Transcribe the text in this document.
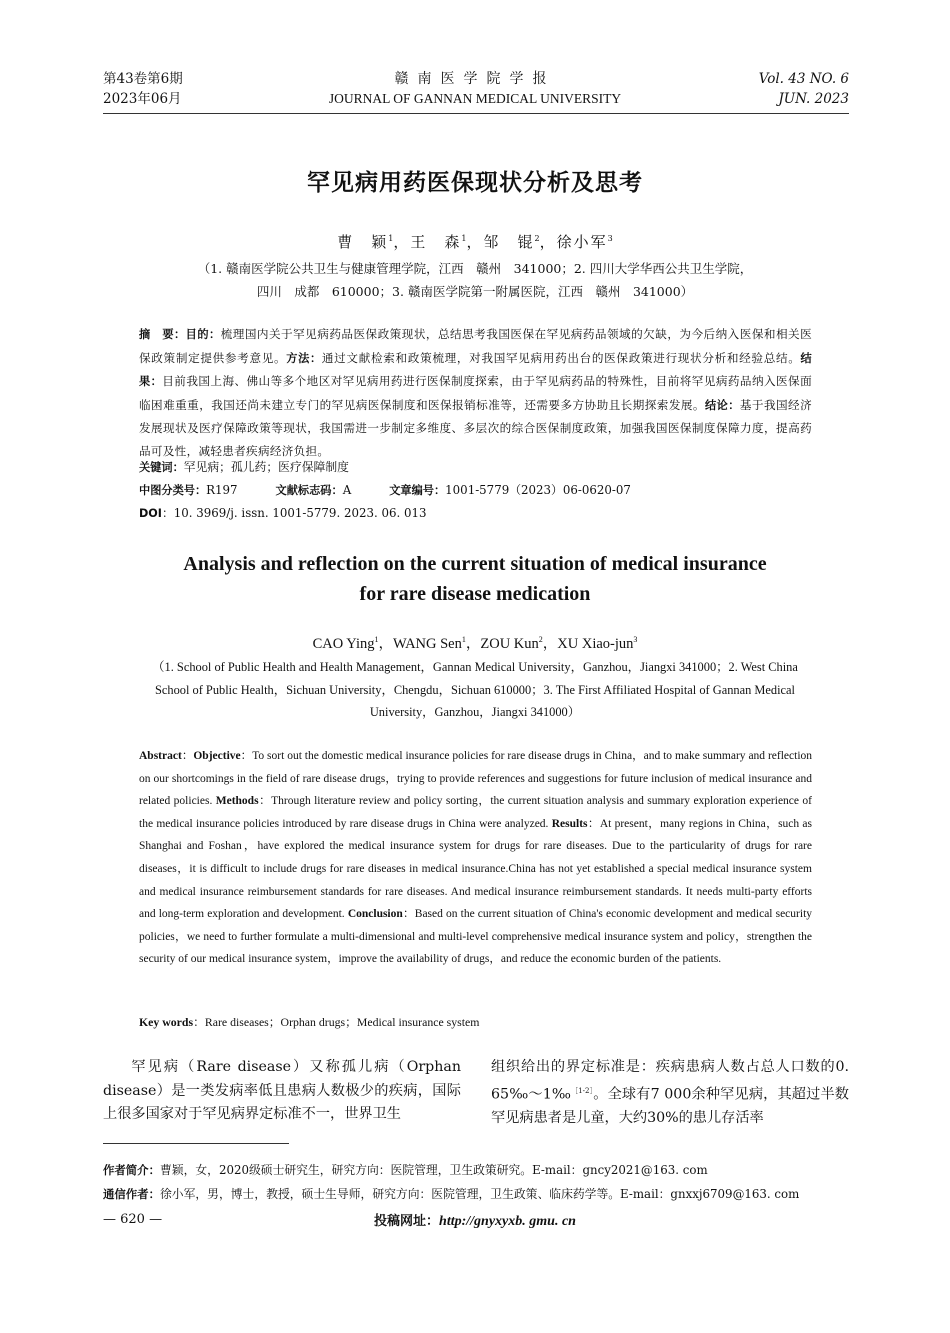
第43卷第6期
2023年06月
赣南医学院学报
JOURNAL OF GANNAN MEDICAL UNIVERSITY
Vol. 43 NO. 6
JUN. 2023
罕见病用药医保现状分析及思考
曹　颖$^1$，王　森$^1$，邹　锟$^2$，徐小军$^3$
（1. 赣南医学院公共卫生与健康管理学院，江西　赣州　341000；2. 四川大学华西公共卫生学院，
四川　成都　610000；3. 赣南医学院第一附属医院，江西　赣州　341000）
摘　要：目的：梳理国内关于罕见病药品医保政策现状，总结思考我国医保在罕见病药品领域的欠缺，为今后纳入医保和相关医保政策制定提供参考意见。方法：通过文献检索和政策梳理，对我国罕见病用药出台的医保政策进行现状分析和经验总结。结果：目前我国上海、佛山等多个地区对罕见病用药进行医保制度探索，由于罕见病药品的特殊性，目前将罕见病药品纳入医保面临困难重重，我国还尚未建立专门的罕见病医保制度和医保报销标准等，还需要多方协助且长期探索发展。结论：基于我国经济发展现状及医疗保障政策等现状，我国需进一步制定多维度、多层次的综合医保制度政策，加强我国医保制度保障力度，提高药品可及性，减轻患者疾病经济负担。
关键词：罕见病；孤儿药；医疗保障制度
中图分类号：R197	文献标志码：A	文章编号：1001-5779（2023）06-0620-07
DOI：10. 3969/j. issn. 1001-5779. 2023. 06. 013
Analysis and reflection on the current situation of medical insurance
for rare disease medication
CAO Ying$^1$，WANG Sen$^1$，ZOU Kun$^2$，XU Xiao-jun$^3$
（1. School of Public Health and Health Management，Gannan Medical University，Ganzhou，Jiangxi 341000；2. West China School of Public Health，Sichuan University，Chengdu，Sichuan 610000；3. The First Affiliated Hospital of Gannan Medical University，Ganzhou，Jiangxi 341000）
Abstract：Objective：To sort out the domestic medical insurance policies for rare disease drugs in China，and to make summary and reflection on our shortcomings in the field of rare disease drugs，trying to provide references and suggestions for future inclusion of medical insurance and related policies. Methods：Through literature review and policy sorting，the current situation analysis and summary exploration experience of the medical insurance policies introduced by rare disease drugs in China were analyzed. Results：At present，many regions in China，such as Shanghai and Foshan，have explored the medical insurance system for drugs for rare diseases. Due to the particularity of drugs for rare diseases，it is difficult to include drugs for rare diseases in medical insurance.China has not yet established a special medical insurance system and medical insurance reimbursement standards for rare diseases. And medical insurance reimbursement standards. It needs multi-party efforts and long-term exploration and development. Conclusion：Based on the current situation of China's economic development and medical security policies，we need to further formulate a multi-dimensional and multi-level comprehensive medical insurance system and policy，strengthen the security of our medical insurance system，improve the availability of drugs，and reduce the economic burden of the patients.
Key words：Rare diseases；Orphan drugs；Medical insurance system

罕见病（Rare disease）又称孤儿病（Orphan disease）是一类发病率低且患病人数极少的疾病，国际上很多国家对于罕见病界定标准不一，世界卫生

组织给出的界定标准是：疾病患病人数占总人口数的0. 65‰～1‰$^{[1-2]}$。全球有7 000余种罕见病，其超过半数罕见病患者是儿童，大约30%的患儿存活率

作者简介：曹颖，女，2020级硕士研究生，研究方向：医院管理，卫生政策研究。E-mail：gncy2021@163. com
通信作者：徐小军，男，博士，教授，硕士生导师，研究方向：医院管理，卫生政策、临床药学等。E-mail：gnxxj6709@163. com
— 620 —	投稿网址：http://gnyxyxb. gmu. cn
